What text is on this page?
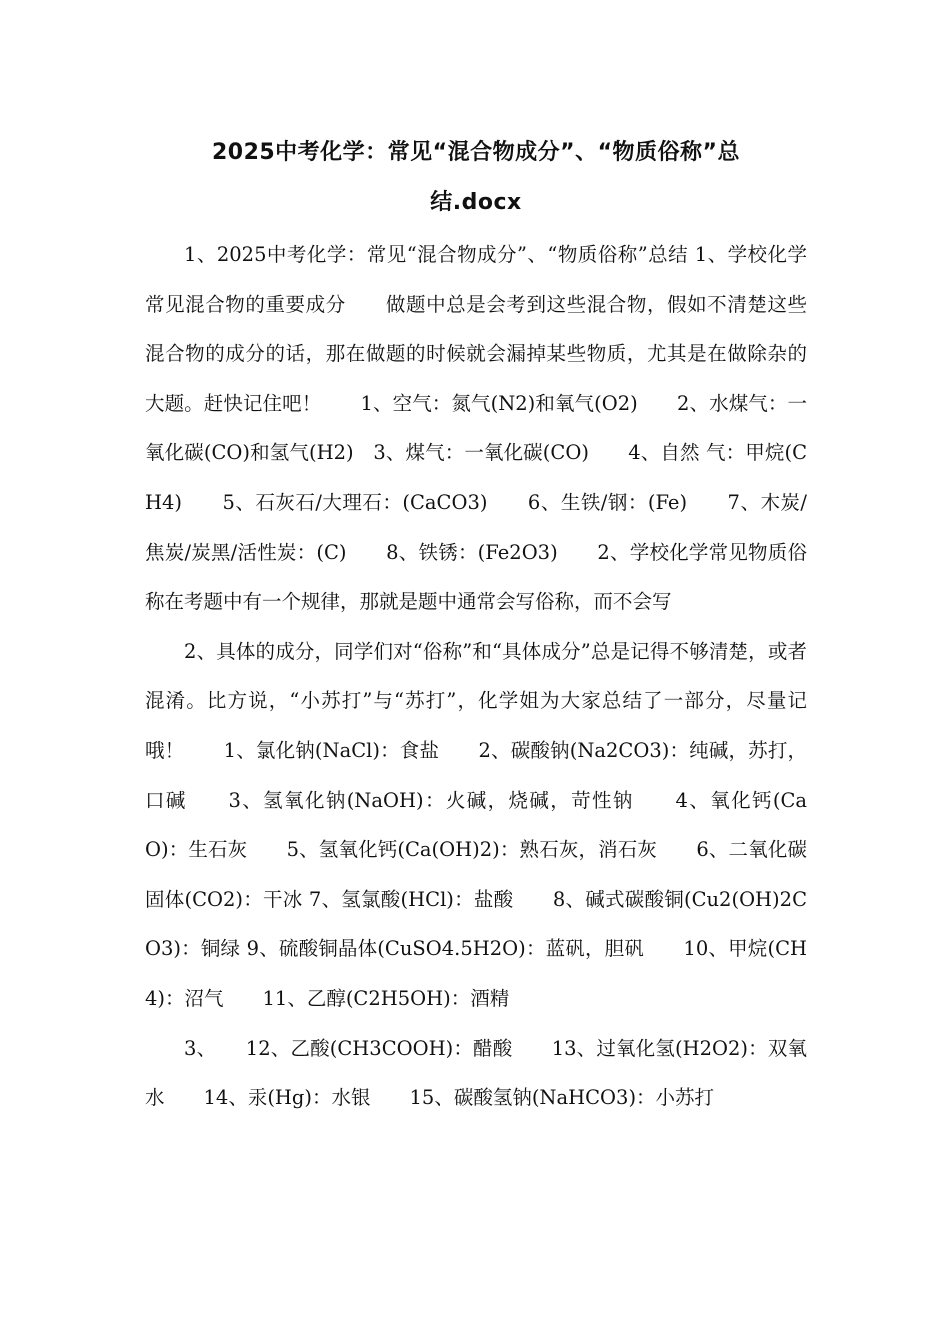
2025中考化学：常见“混合物成分”、“物质俗称”总
结.docx

1、2025中考化学：常见“混合物成分”、“物质俗称”总结 1、学校化学常见混合物的重要成分　　做题中总是会考到这些混合物，假如不清楚这些混合物的成分的话，那在做题的时候就会漏掉某些物质，尤其是在做除杂的大题。赶快记住吧！　　1、空气：氮气(N2)和氧气(O2)　　2、水煤气：一氧化碳(CO)和氢气(H2)　3、煤气：一氧化碳(CO)　　4、自然 气：甲烷(CH4)　　5、石灰石/大理石：(CaCO3)　　6、生铁/钢：(Fe)　　7、木炭/焦炭/炭黑/活性炭：(C)　　8、铁锈：(Fe2O3)　　2、学校化学常见物质俗称在考题中有一个规律，那就是题中通常会写俗称，而不会写

2、具体的成分，同学们对“俗称”和“具体成分”总是记得不够清楚，或者混淆。比方说，“小苏打”与“苏打”，化学姐为大家总结了一部分，尽量记哦！　　1、氯化钠(NaCl)：食盐　　2、碳酸钠(Na2CO3)：纯碱，苏打，口碱　　3、氢氧化钠(NaOH)：火碱，烧碱，苛性钠　　4、氧化钙(CaO)：生石灰　　5、氢氧化钙(Ca(OH)2)：熟石灰，消石灰　　6、二氧化碳固体(CO2)：干冰 7、氢氯酸(HCl)：盐酸　　8、碱式碳酸铜(Cu2(OH)2CO3)：铜绿 9、硫酸铜晶体(CuSO4.5H2O)：蓝矾，胆矾　　10、甲烷(CH4)：沼气　　11、乙醇(C2H5OH)：酒精

3、　　12、乙酸(CH3COOH)：醋酸　　13、过氧化氢(H2O2)：双氧水　　14、汞(Hg)：水银　　15、碳酸氢钠(NaHCO3)：小苏打
